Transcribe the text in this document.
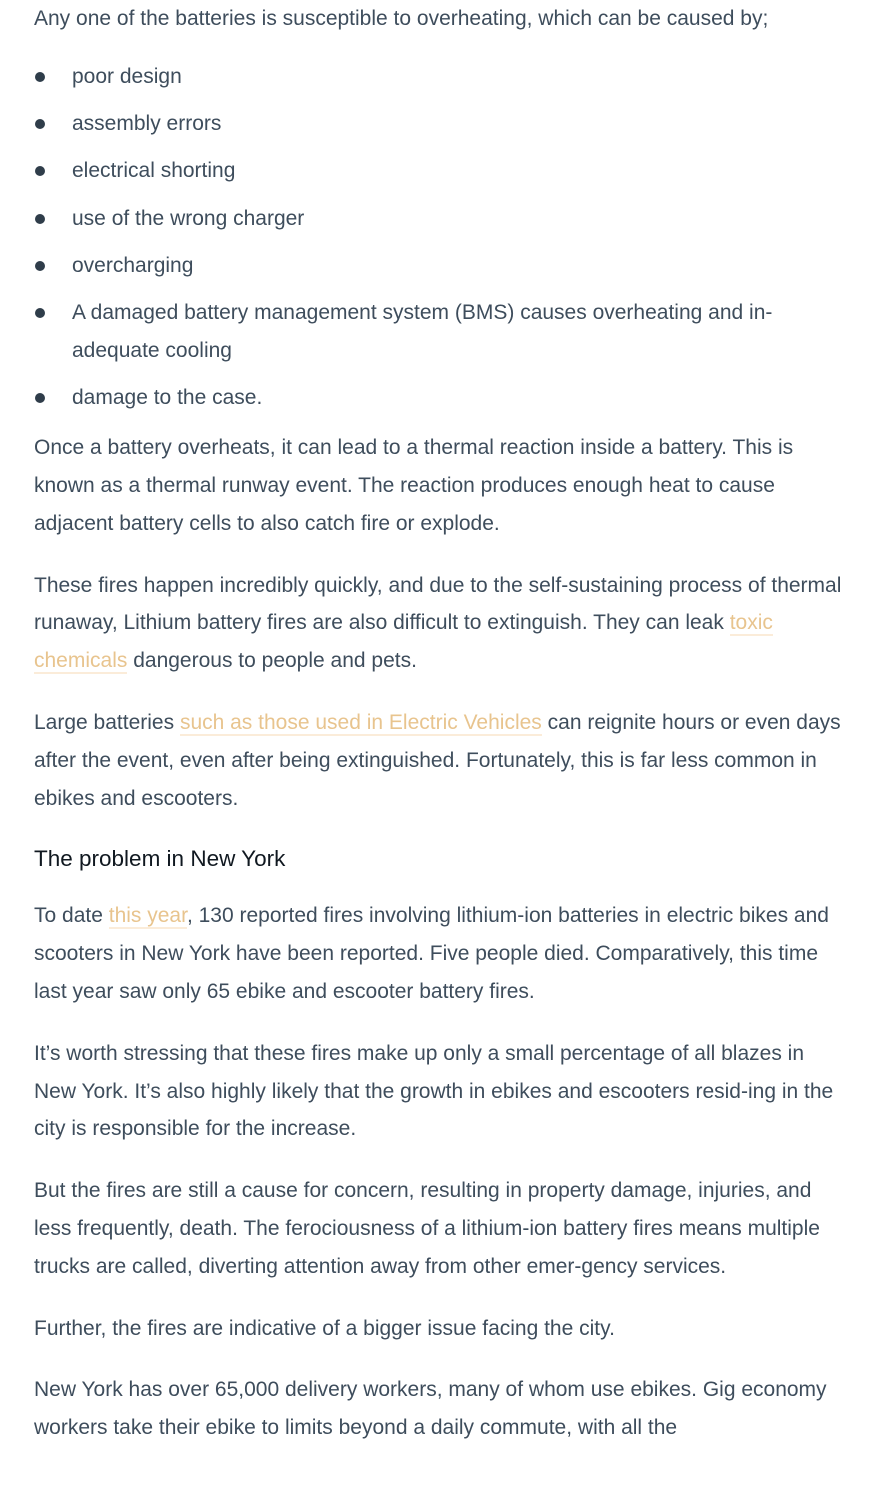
Any one of the batteries is susceptible to overheating, which can be caused by;

poor design
assembly errors
electrical shorting
use of the wrong charger
overcharging
A damaged battery management system (BMS) causes overheating and in-adequate cooling
damage to the case.

Once a battery overheats, it can lead to a thermal reaction inside a battery. This is known as a thermal runway event. The reaction produces enough heat to cause adjacent battery cells to also catch fire or explode.

These fires happen incredibly quickly, and due to the self-sustaining process of thermal runaway, Lithium battery fires are also difficult to extinguish. They can leak toxic chemicals dangerous to people and pets.

Large batteries such as those used in Electric Vehicles can reignite hours or even days after the event, even after being extinguished. Fortunately, this is far less common in ebikes and escooters.

The problem in New York

To date this year, 130 reported fires involving lithium-ion batteries in electric bikes and scooters in New York have been reported. Five people died. Comparatively, this time last year saw only 65 ebike and escooter battery fires.

It’s worth stressing that these fires make up only a small percentage of all blazes in New York. It’s also highly likely that the growth in ebikes and escooters resid-ing in the city is responsible for the increase.

But the fires are still a cause for concern, resulting in property damage, injuries, and less frequently, death. The ferociousness of a lithium-ion battery fires means multiple trucks are called, diverting attention away from other emer-gency services.

Further, the fires are indicative of a bigger issue facing the city.

New York has over 65,000 delivery workers, many of whom use ebikes. Gig economy workers take their ebike to limits beyond a daily commute, with all the
